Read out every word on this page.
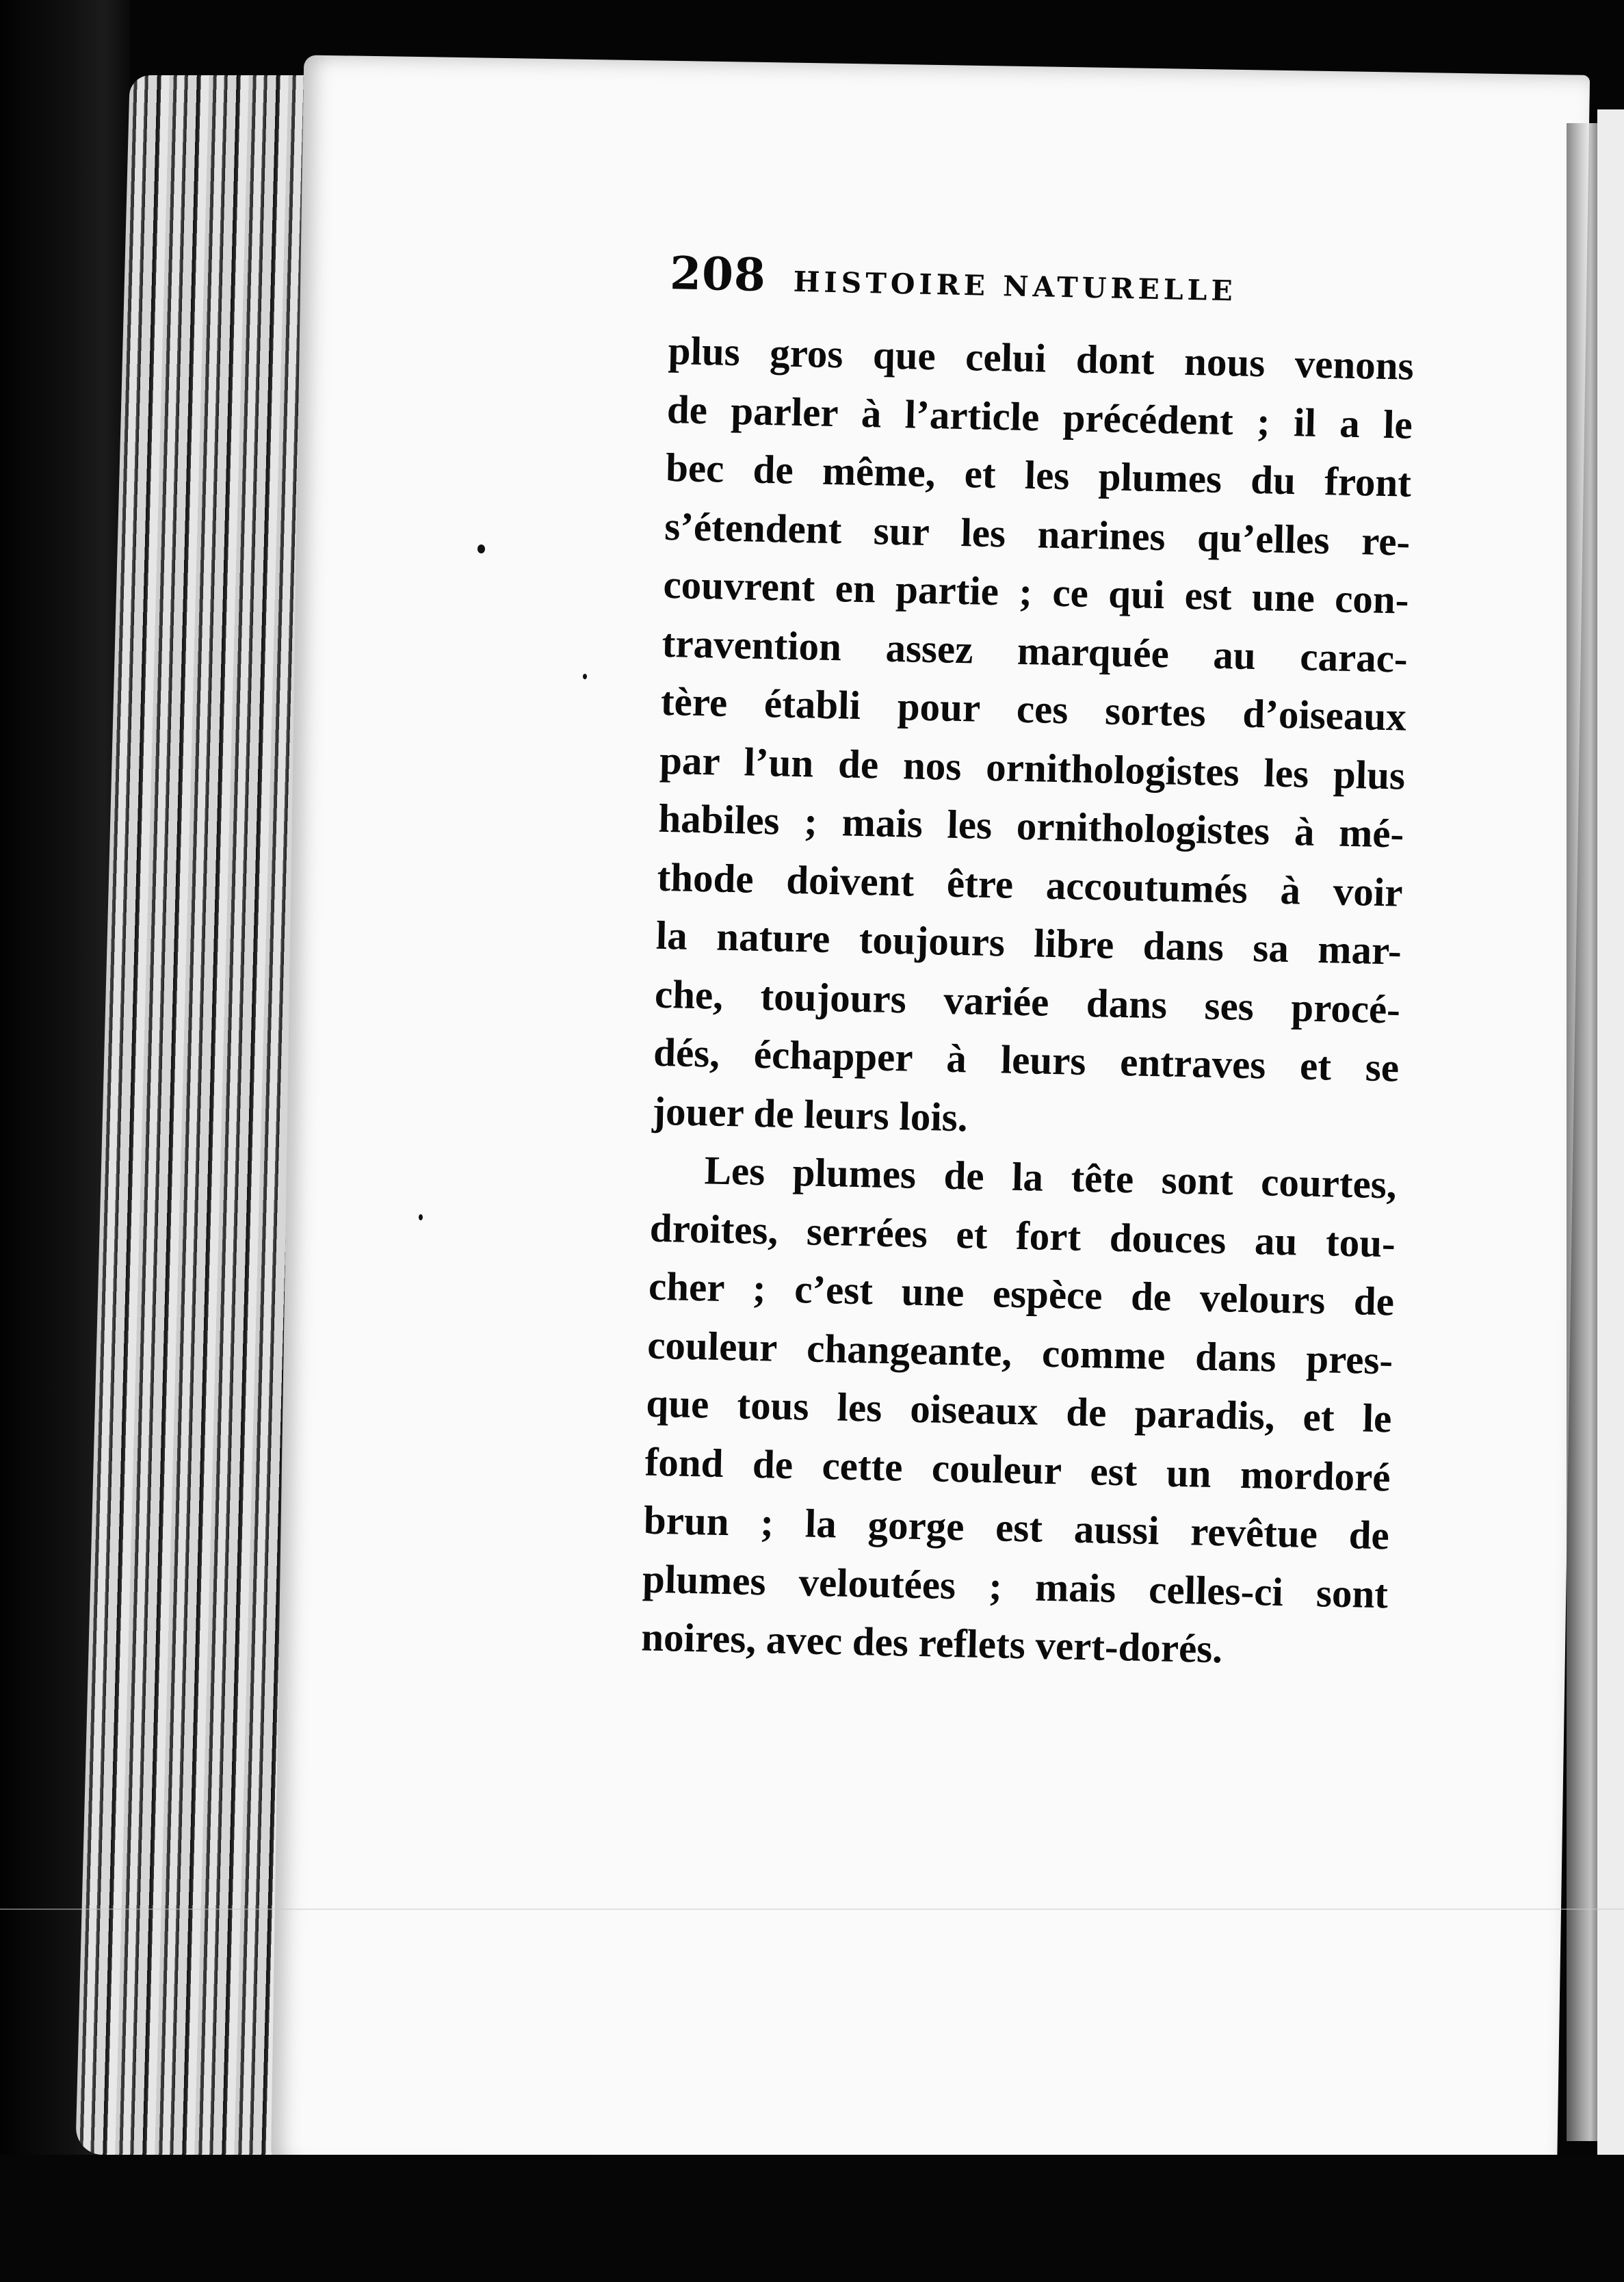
208 HISTOIRE NATURELLE
plus gros que celui dont nous venons
de parler à l’article précédent ; il a le
bec de même, et les plumes du front
s’étendent sur les narines qu’elles re-
couvrent en partie ; ce qui est une con-
travention assez marquée au carac-
tère établi pour ces sortes d’oiseaux
par l’un de nos ornithologistes les plus
habiles ; mais les ornithologistes à mé-
thode doivent être accoutumés à voir
la nature toujours libre dans sa mar-
che, toujours variée dans ses procé-
dés, échapper à leurs entraves et se
jouer de leurs lois.
Les plumes de la tête sont courtes,
droites, serrées et fort douces au tou-
cher ; c’est une espèce de velours de
couleur changeante, comme dans pres-
que tous les oiseaux de paradis, et le
fond de cette couleur est un mordoré
brun ; la gorge est aussi revêtue de
plumes veloutées ; mais celles-ci sont
noires, avec des reflets vert-dorés.
